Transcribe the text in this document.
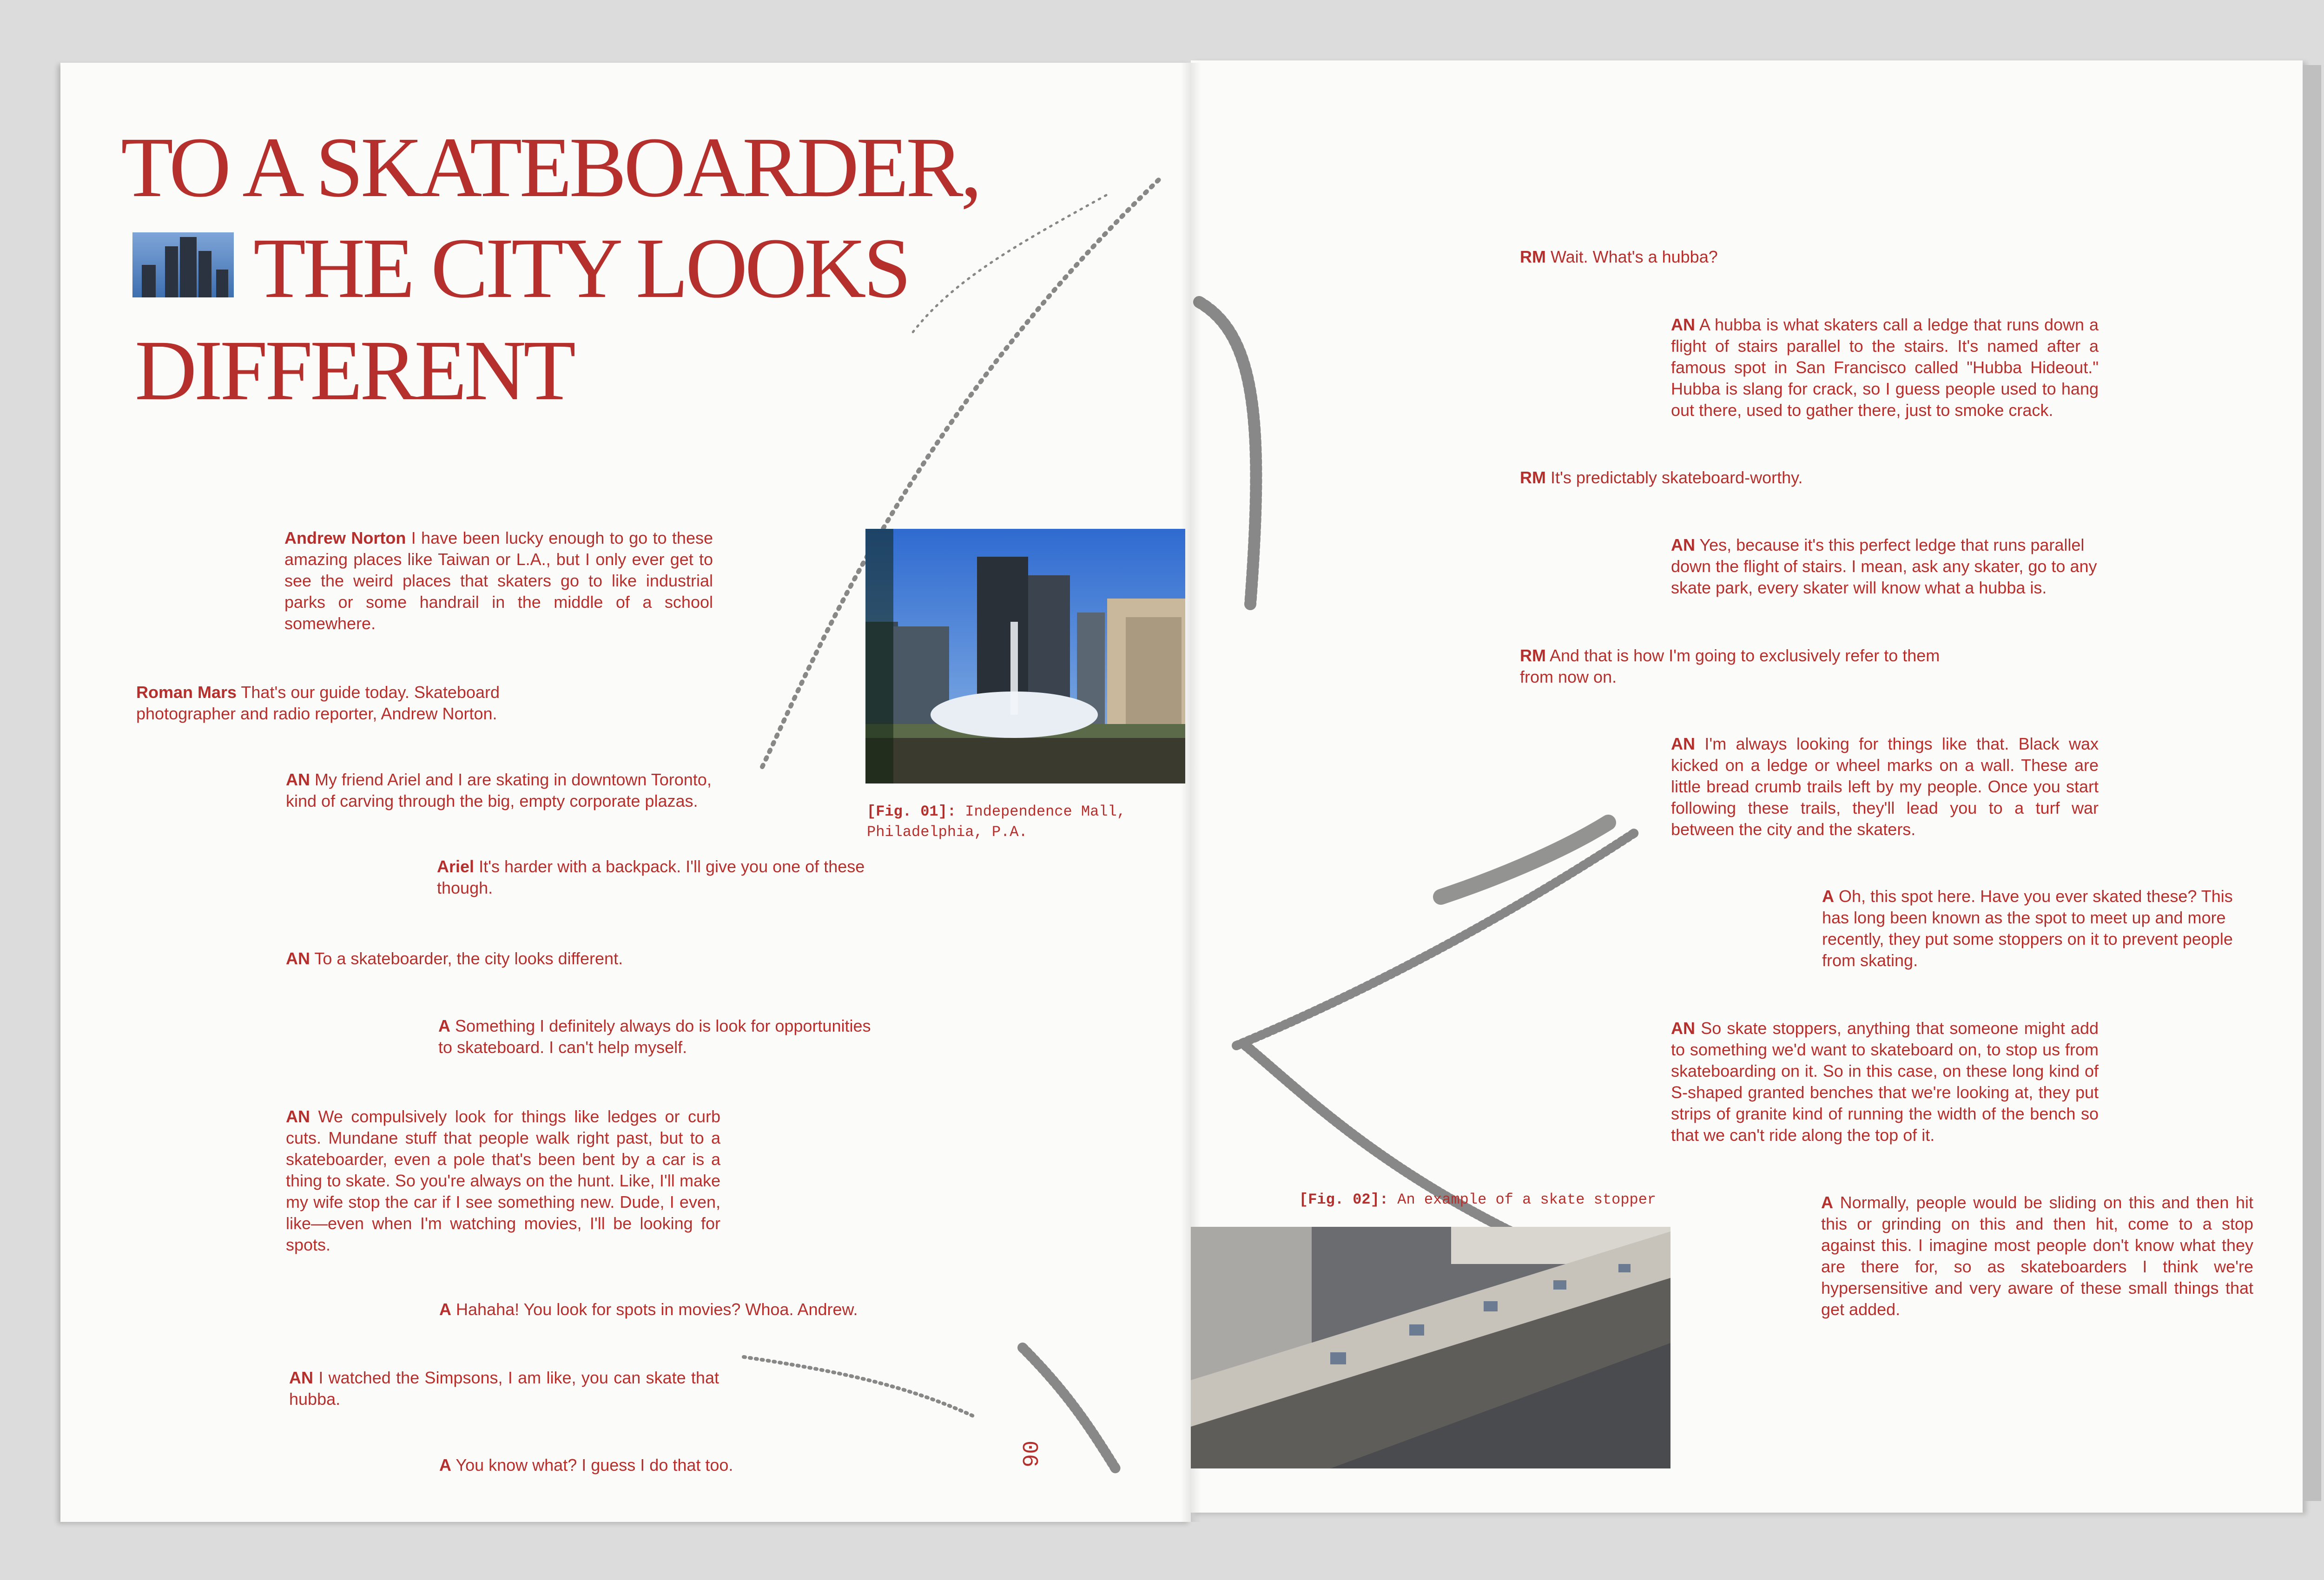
TO A SKATEBOARDER,
THE CITY LOOKS
DIFFERENT
Andrew Norton I have been lucky enough to go to these amazing places like Taiwan or L.A., but I only ever get to see the weird places that skaters go to like industrial parks or some handrail in the middle of a school somewhere.
Roman Mars That's our guide today. Skateboard photographer and radio reporter, Andrew Norton.
AN My friend Ariel and I are skating in downtown Toronto, kind of carving through the big, empty corporate plazas.
Ariel It's harder with a backpack. I'll give you one of these though.
AN To a skateboarder, the city looks different.
A Something I definitely always do is look for opportunities to skateboard. I can't help myself.
AN We compulsively look for things like ledges or curb cuts. Mundane stuff that people walk right past, but to a skateboarder, even a pole that's been bent by a car is a thing to skate. So you're always on the hunt. Like, I'll make my wife stop the car if I see something new. Dude, I even, like—even when I'm watching movies, I'll be looking for spots.
A Hahaha! You look for spots in movies? Whoa. Andrew.
AN I watched the Simpsons, I am like, you can skate that hubba.
A You know what? I guess I do that too.
[Fig. 01]: Independence Mall,
Philadelphia, P.A.
06
RM Wait. What's a hubba?
AN A hubba is what skaters call a ledge that runs down a flight of stairs parallel to the stairs. It's named after a famous spot in San Francisco called "Hubba Hideout." Hubba is slang for crack, so I guess people used to hang out there, used to gather there, just to smoke crack.
RM It's predictably skateboard-worthy.
AN Yes, because it's this perfect ledge that runs parallel down the flight of stairs. I mean, ask any skater, go to any skate park, every skater will know what a hubba is.
RM And that is how I'm going to exclusively refer to them from now on.
AN I'm always looking for things like that. Black wax kicked on a ledge or wheel marks on a wall. These are little bread crumb trails left by my people. Once you start following these trails, they'll lead you to a turf war between the city and the skaters.
A Oh, this spot here. Have you ever skated these? This has long been known as the spot to meet up and more recently, they put some stoppers on it to prevent people from skating.
AN So skate stoppers, anything that someone might add to something we'd want to skateboard on, to stop us from skateboarding on it. So in this case, on these long kind of S-shaped granted benches that we're looking at, they put strips of granite kind of running the width of the bench so that we can't ride along the top of it.
A Normally, people would be sliding on this and then hit this or grinding on this and then hit, come to a stop against this. I imagine most people don't know what they are there for, so as skateboarders I think we're hypersensitive and very aware of these small things that get added.
[Fig. 02]: An example of a skate stopper
